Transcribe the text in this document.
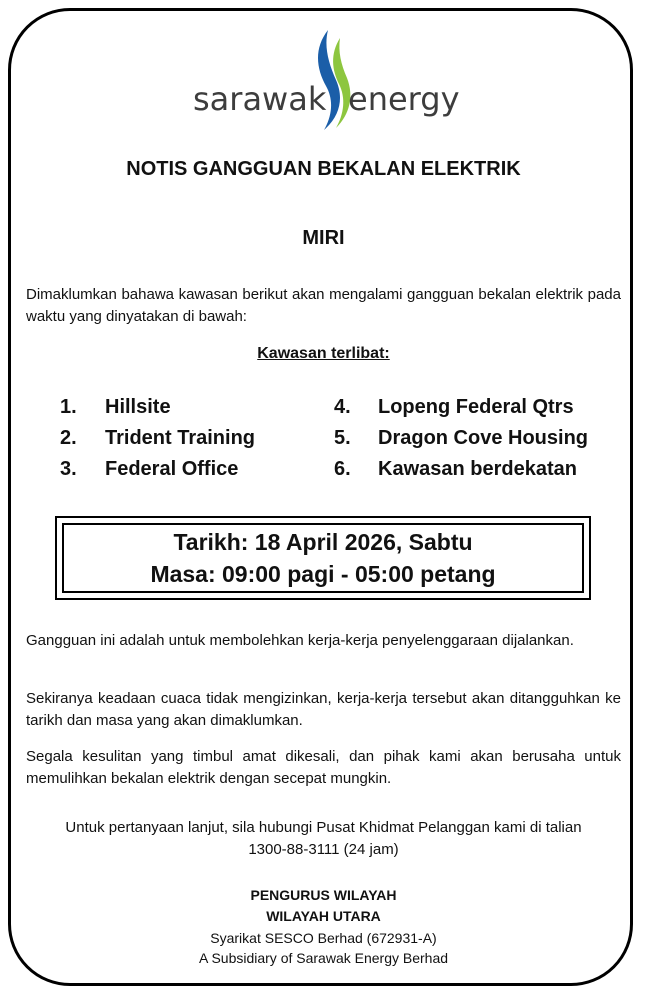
sarawak energy
NOTIS GANGGUAN BEKALAN ELEKTRIK
MIRI
Dimaklumkan bahawa kawasan berikut akan mengalami gangguan bekalan elektrik pada waktu yang dinyatakan di bawah:
Kawasan terlibat:
1.	Hillsite
2.	Trident Training
3.	Federal Office
4.	Lopeng Federal Qtrs
5.	Dragon Cove Housing
6.	Kawasan berdekatan
Tarikh: 18 April 2026, Sabtu
Masa: 09:00 pagi - 05:00 petang
Gangguan ini adalah untuk membolehkan kerja-kerja penyelenggaraan dijalankan.
Sekiranya keadaan cuaca tidak mengizinkan, kerja-kerja tersebut akan ditangguhkan ke tarikh dan masa yang akan dimaklumkan.
Segala kesulitan yang timbul amat dikesali, dan pihak kami akan berusaha untuk memulihkan bekalan elektrik dengan secepat mungkin.
Untuk pertanyaan lanjut, sila hubungi Pusat Khidmat Pelanggan kami di talian
1300-88-3111 (24 jam)
PENGURUS WILAYAH
WILAYAH UTARA
Syarikat SESCO Berhad (672931-A)
A Subsidiary of Sarawak Energy Berhad
